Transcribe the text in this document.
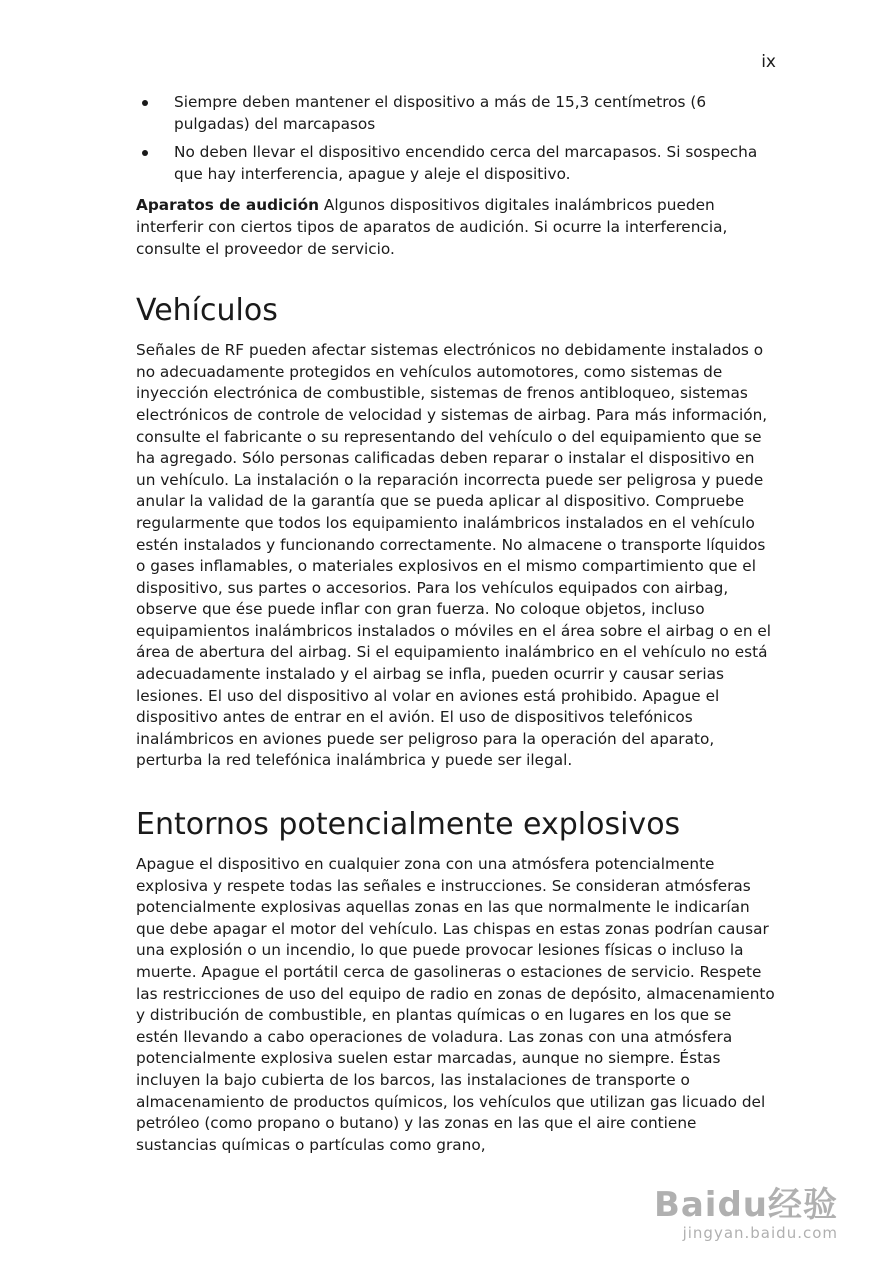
ix
Siempre deben mantener el dispositivo a más de 15,3 centímetros (6 pulgadas) del marcapasos
No deben llevar el dispositivo encendido cerca del marcapasos. Si sospecha que hay interferencia, apague y aleje el dispositivo.

Aparatos de audición Algunos dispositivos digitales inalámbricos pueden interferir con ciertos tipos de aparatos de audición. Si ocurre la interferencia, consulte el proveedor de servicio.

Vehículos

Señales de RF pueden afectar sistemas electrónicos no debidamente instalados o no adecuadamente protegidos en vehículos automotores, como sistemas de inyección electrónica de combustible, sistemas de frenos antibloqueo, sistemas electrónicos de controle de velocidad y sistemas de airbag. Para más información, consulte el fabricante o su representando del vehículo o del equipamiento que se ha agregado. Sólo personas calificadas deben reparar o instalar el dispositivo en un vehículo. La instalación o la reparación incorrecta puede ser peligrosa y puede anular la validad de la garantía que se pueda aplicar al dispositivo. Compruebe regularmente que todos los equipamiento inalámbricos instalados en el vehículo estén instalados y funcionando correctamente. No almacene o transporte líquidos o gases inflamables, o materiales explosivos en el mismo compartimiento que el dispositivo, sus partes o accesorios. Para los vehículos equipados con airbag, observe que ése puede inflar con gran fuerza. No coloque objetos, incluso equipamientos inalámbricos instalados o móviles en el área sobre el airbag o en el área de abertura del airbag. Si el equipamiento inalámbrico en el vehículo no está adecuadamente instalado y el airbag se infla, pueden ocurrir y causar serias lesiones. El uso del dispositivo al volar en aviones está prohibido. Apague el dispositivo antes de entrar en el avión. El uso de dispositivos telefónicos inalámbricos en aviones puede ser peligroso para la operación del aparato, perturba la red telefónica inalámbrica y puede ser ilegal.

Entornos potencialmente explosivos

Apague el dispositivo en cualquier zona con una atmósfera potencialmente explosiva y respete todas las señales e instrucciones. Se consideran atmósferas potencialmente explosivas aquellas zonas en las que normalmente le indicarían que debe apagar el motor del vehículo. Las chispas en estas zonas podrían causar una explosión o un incendio, lo que puede provocar lesiones físicas o incluso la muerte. Apague el portátil cerca de gasolineras o estaciones de servicio. Respete las restricciones de uso del equipo de radio en zonas de depósito, almacenamiento y distribución de combustible, en plantas químicas o en lugares en los que se estén llevando a cabo operaciones de voladura. Las zonas con una atmósfera potencialmente explosiva suelen estar marcadas, aunque no siempre. Éstas incluyen la bajo cubierta de los barcos, las instalaciones de transporte o almacenamiento de productos químicos, los vehículos que utilizan gas licuado del petróleo (como propano o butano) y las zonas en las que el aire contiene sustancias químicas o partículas como grano,

Baidu经验
jingyan.baidu.com
